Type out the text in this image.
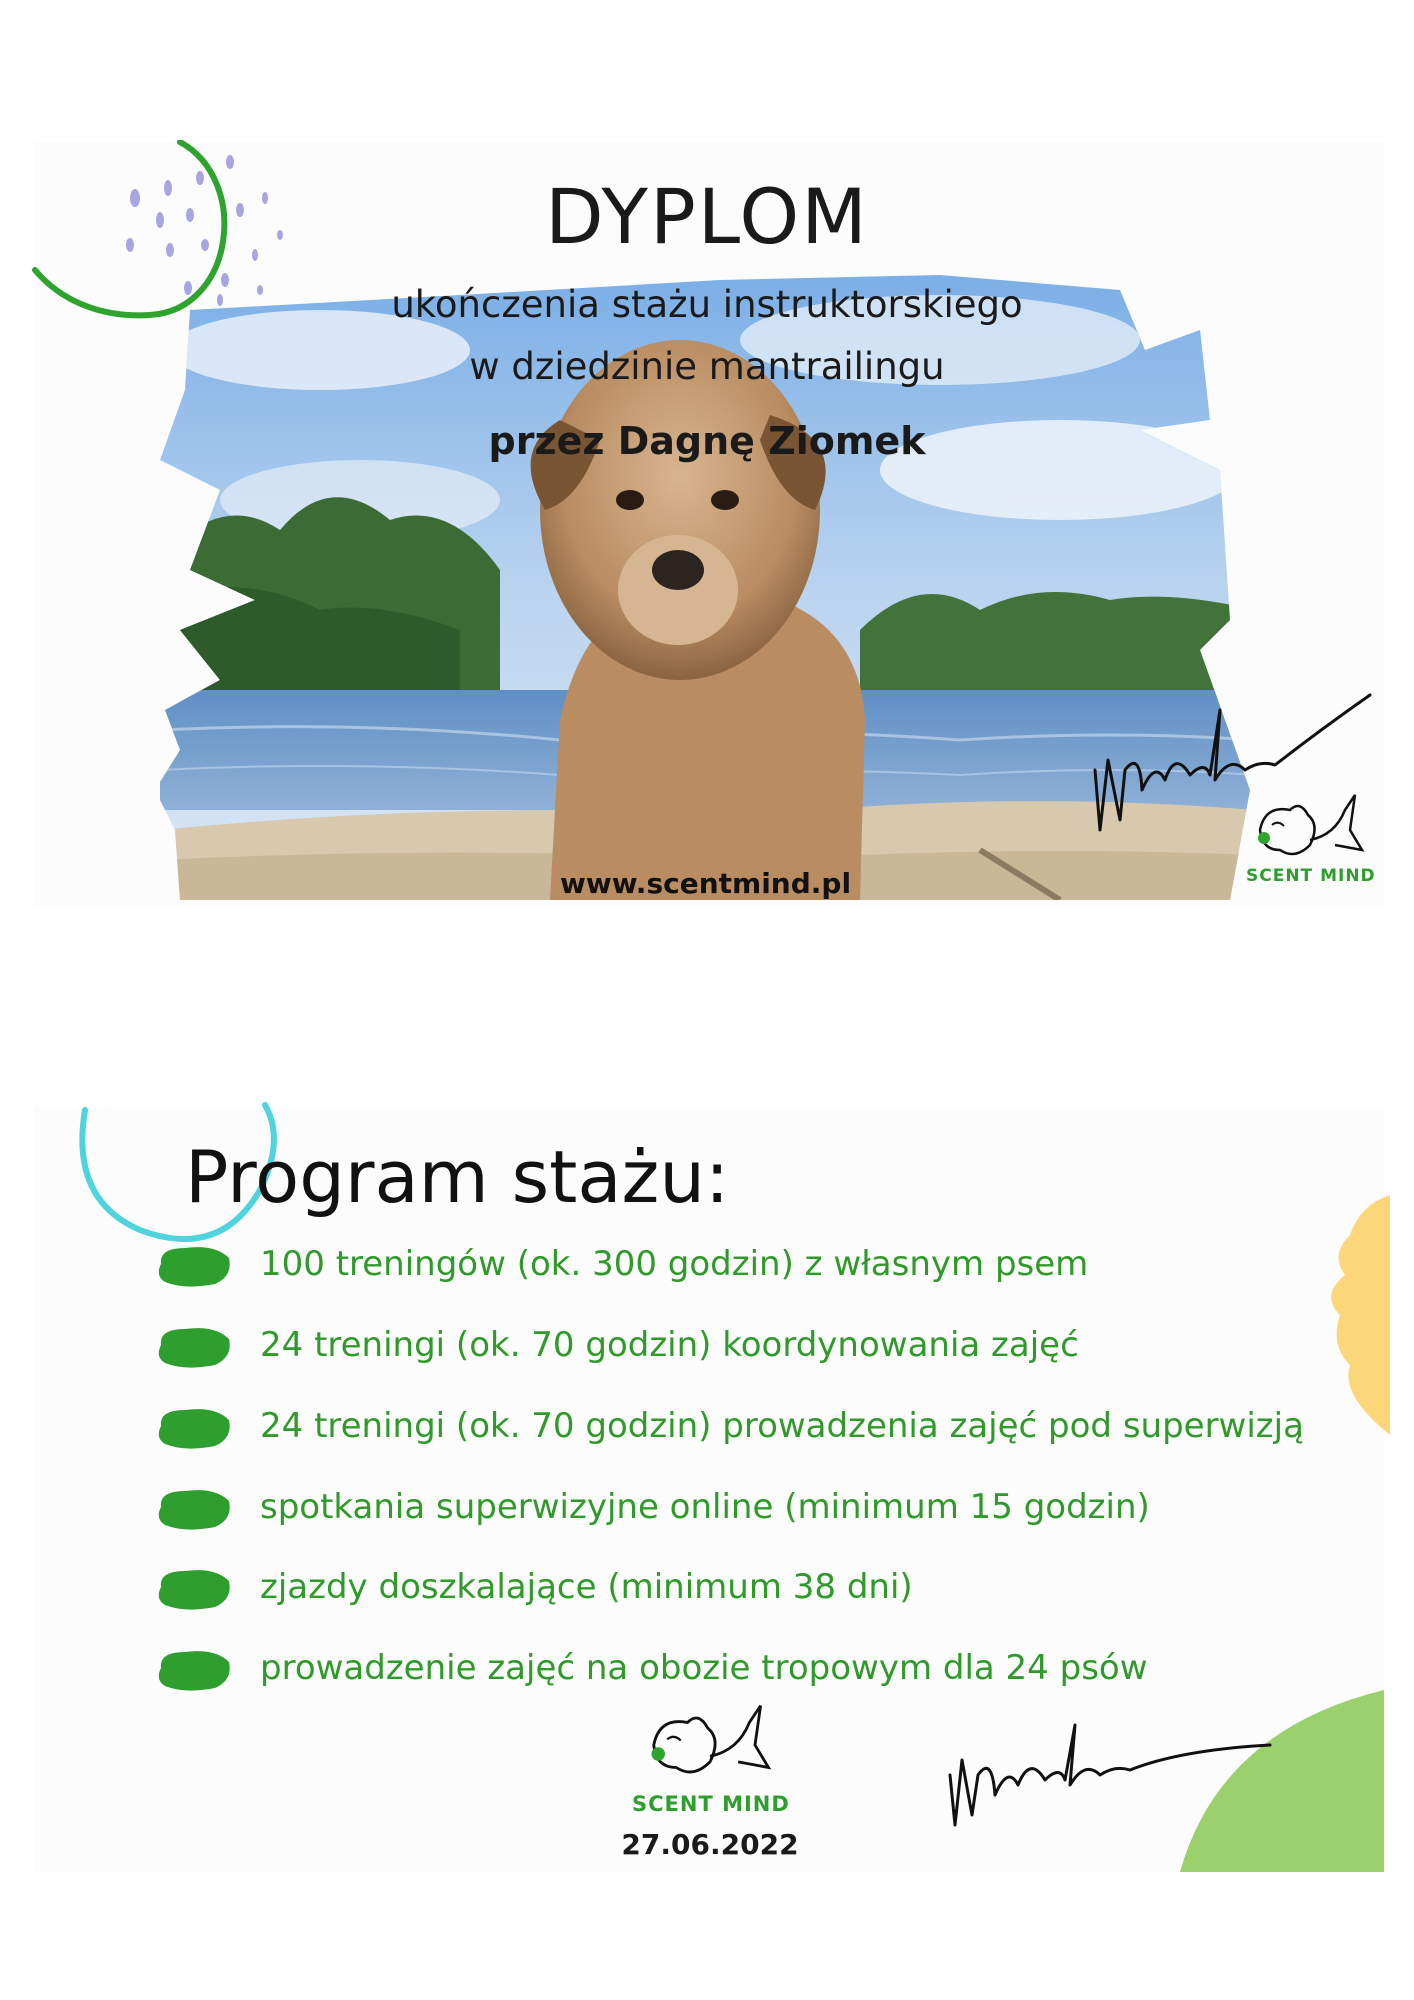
DYPLOM
ukończenia stażu instruktorskiego
w dziedzinie mantrailingu
przez Dagnę Ziomek
www.scentmind.pl	SCENT MIND
Program stażu:
100 treningów (ok. 300 godzin) z własnym psem
24 treningi (ok. 70 godzin) koordynowania zajęć
24 treningi (ok. 70 godzin) prowadzenia zajęć pod superwizją
spotkania superwizyjne online (minimum 15 godzin)
zjazdy doszkalające (minimum 38 dni)
prowadzenie zajęć na obozie tropowym dla 24 psów
SCENT MIND
27.06.2022
